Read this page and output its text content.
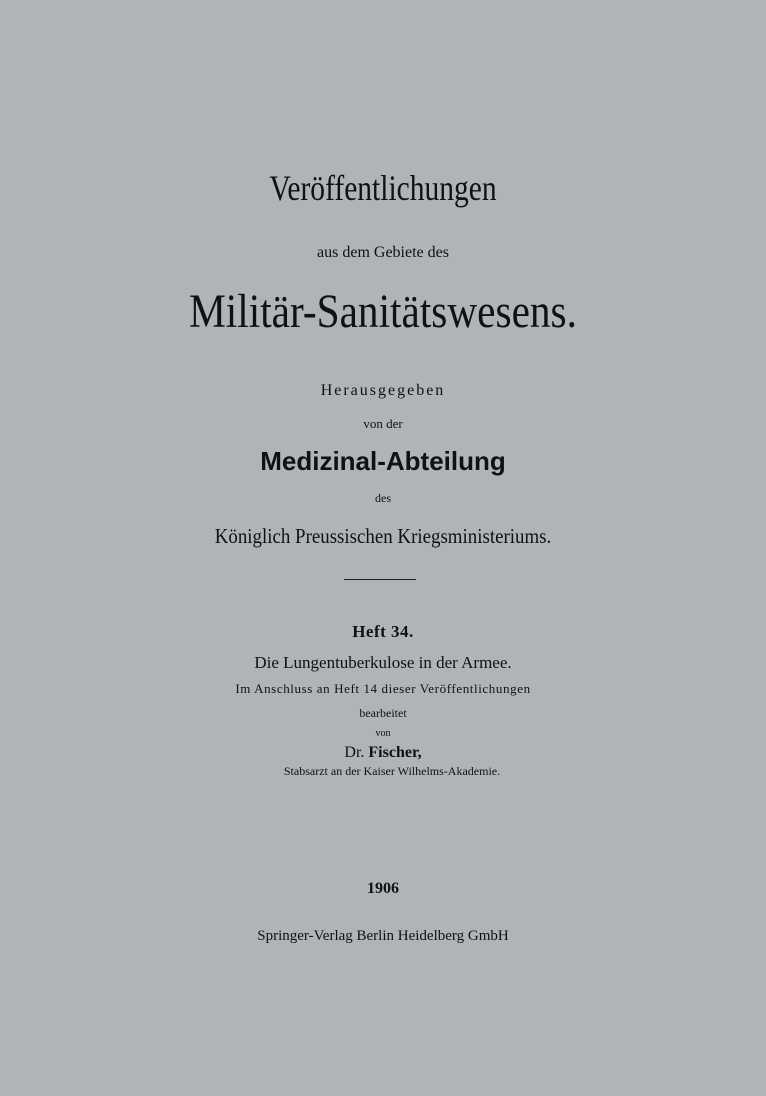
Veröffentlichungen
aus dem Gebiete des
Militär-Sanitätswesens.
Herausgegeben
von der
Medizinal-Abteilung
des
Königlich Preussischen Kriegsministeriums.
Heft 34.
Die Lungentuberkulose in der Armee.
Im Anschluss an Heft 14 dieser Veröffentlichungen
bearbeitet
von
Dr. Fischer,
Stabsarzt an der Kaiser Wilhelms-Akademie.
1906
Springer-Verlag Berlin Heidelberg GmbH
